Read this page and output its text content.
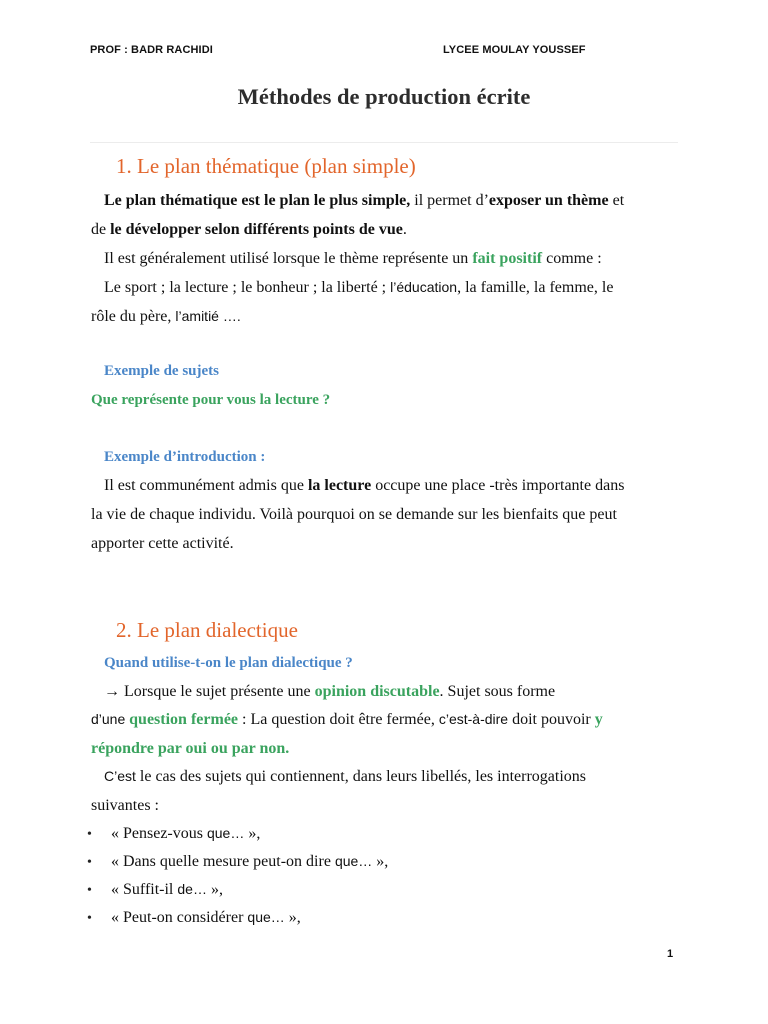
PROF : BADR RACHIDI	LYCEE MOULAY YOUSSEF
Méthodes de production écrite
1. Le plan thématique (plan simple)
Le plan thématique est le plan le plus simple, il permet d’exposer un thème et
de le développer selon différents points de vue.
Il est généralement utilisé lorsque le thème représente un fait positif comme :
Le sport ; la lecture ; le bonheur ; la liberté ; l’éducation, la famille, la femme, le
rôle du père, l’amitié ….
Exemple de sujets
Que représente pour vous la lecture ?
Exemple d’introduction :
Il est communément admis que la lecture occupe une place -très importante dans
la vie de chaque individu. Voilà pourquoi on se demande sur les bienfaits que peut
apporter cette activité.
2. Le plan dialectique
Quand utilise-t-on le plan dialectique ?
→ Lorsque le sujet présente une opinion discutable. Sujet sous forme
d’une question fermée : La question doit être fermée, c’est-à-dire doit pouvoir y
répondre par oui ou par non.
C’est le cas des sujets qui contiennent, dans leurs libellés, les interrogations
suivantes :
• « Pensez-vous que… »,
• « Dans quelle mesure peut-on dire que… »,
• « Suffit-il de… »,
• « Peut-on considérer que… »,
1
